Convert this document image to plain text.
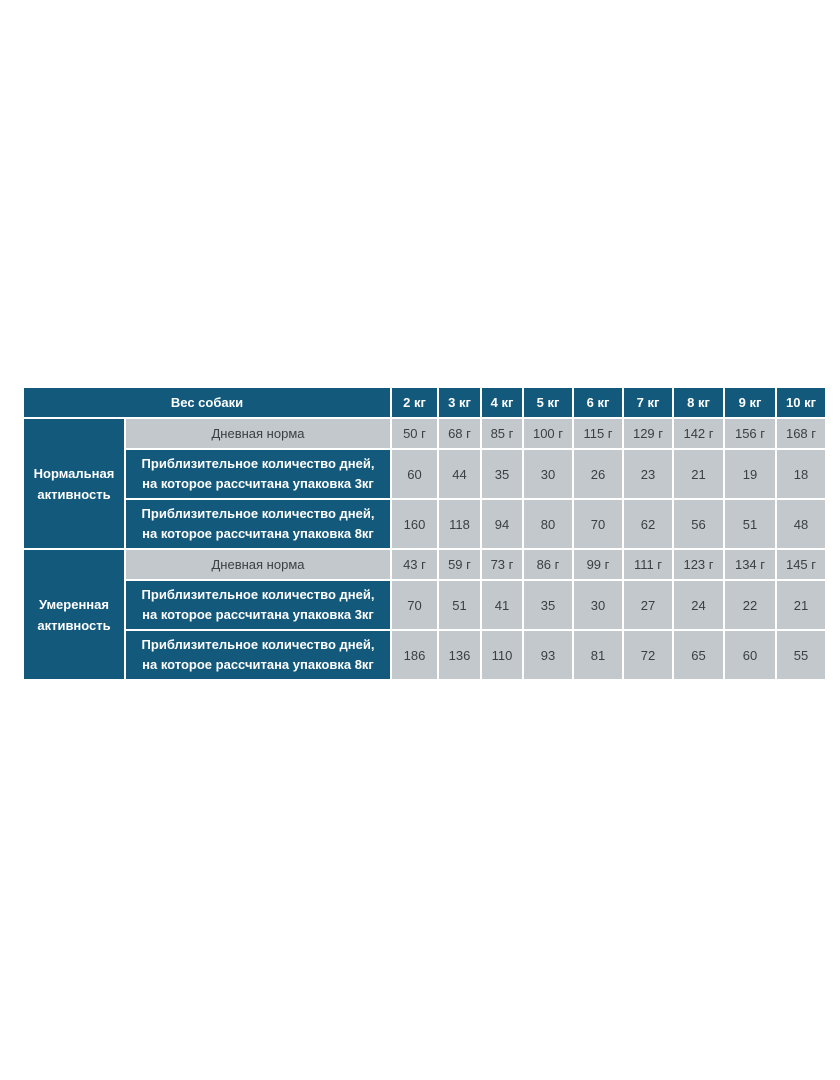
Вес собаки		2 кг	3 кг	4 кг	5 кг	6 кг	7 кг	8 кг	9 кг	10 кг

Нормальная
активность	Дневная норма	50 г	68 г	85 г	100 г	115 г	129 г	142 г	156 г	168 г

	Приблизительное количество дней,
на которое рассчитана упаковка 3кг	60	44	35	30	26	23	21	19	18

	Приблизительное количество дней,
на которое рассчитана упаковка 8кг	160	118	94	80	70	62	56	51	48

Умеренная
активность	Дневная норма	43 г	59 г	73 г	86 г	99 г	111 г	123 г	134 г	145 г

	Приблизительное количество дней,
на которое рассчитана упаковка 3кг	70	51	41	35	30	27	24	22	21

	Приблизительное количество дней,
на которое рассчитана упаковка 8кг	186	136	110	93	81	72	65	60	55
